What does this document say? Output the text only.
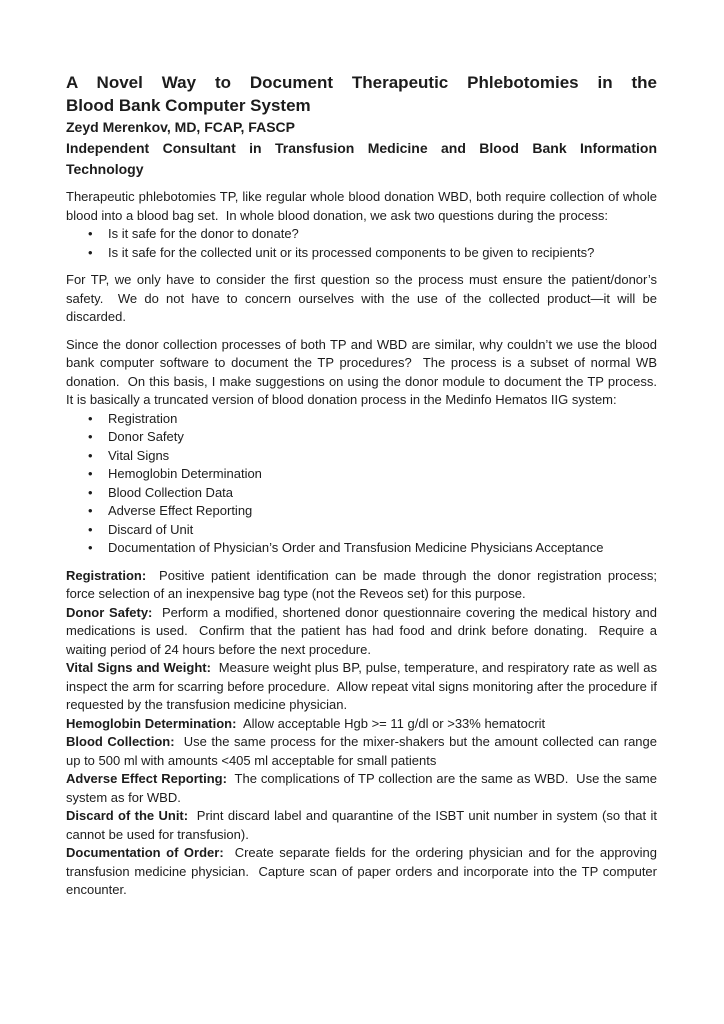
A Novel Way to Document Therapeutic Phlebotomies in the
Blood Bank Computer System

Zeyd Merenkov, MD, FCAP, FASCP

Independent Consultant in Transfusion Medicine and Blood Bank Information Technology

Therapeutic phlebotomies TP, like regular whole blood donation WBD, both require collection of whole blood into a blood bag set.  In whole blood donation, we ask two questions during the process:

• Is it safe for the donor to donate?
• Is it safe for the collected unit or its processed components to be given to recipients?

For TP, we only have to consider the first question so the process must ensure the patient/donor’s safety.  We do not have to concern ourselves with the use of the collected product—it will be discarded.

Since the donor collection processes of both TP and WBD are similar, why couldn’t we use the blood bank computer software to document the TP procedures?  The process is a subset of normal WB donation.  On this basis, I make suggestions on using the donor module to document the TP process.  It is basically a truncated version of blood donation process in the Medinfo Hematos IIG system:

• Registration
• Donor Safety
• Vital Signs
• Hemoglobin Determination
• Blood Collection Data
• Adverse Effect Reporting
• Discard of Unit
• Documentation of Physician’s Order and Transfusion Medicine Physicians Acceptance

Registration:  Positive patient identification can be made through the donor registration process;  force selection of an inexpensive bag type (not the Reveos set) for this purpose.

Donor Safety:  Perform a modified, shortened donor questionnaire covering the medical history and medications is used.  Confirm that the patient has had food and drink before donating.  Require a waiting period of 24 hours before the next procedure.

Vital Signs and Weight:  Measure weight plus BP, pulse, temperature, and respiratory rate as well as inspect the arm for scarring before procedure.  Allow repeat vital signs monitoring after the procedure if requested by the transfusion medicine physician.

Hemoglobin Determination:  Allow acceptable Hgb >= 11 g/dl or >33% hematocrit

Blood Collection:  Use the same process for the mixer-shakers but the amount collected can range up to 500 ml with amounts <405 ml acceptable for small patients

Adverse Effect Reporting:  The complications of TP collection are the same as WBD.  Use the same system as for WBD.

Discard of the Unit:  Print discard label and quarantine of the ISBT unit number in system (so that it cannot be used for transfusion).

Documentation of Order:  Create separate fields for the ordering physician and for the approving transfusion medicine physician.  Capture scan of paper orders and incorporate into the TP computer encounter.
